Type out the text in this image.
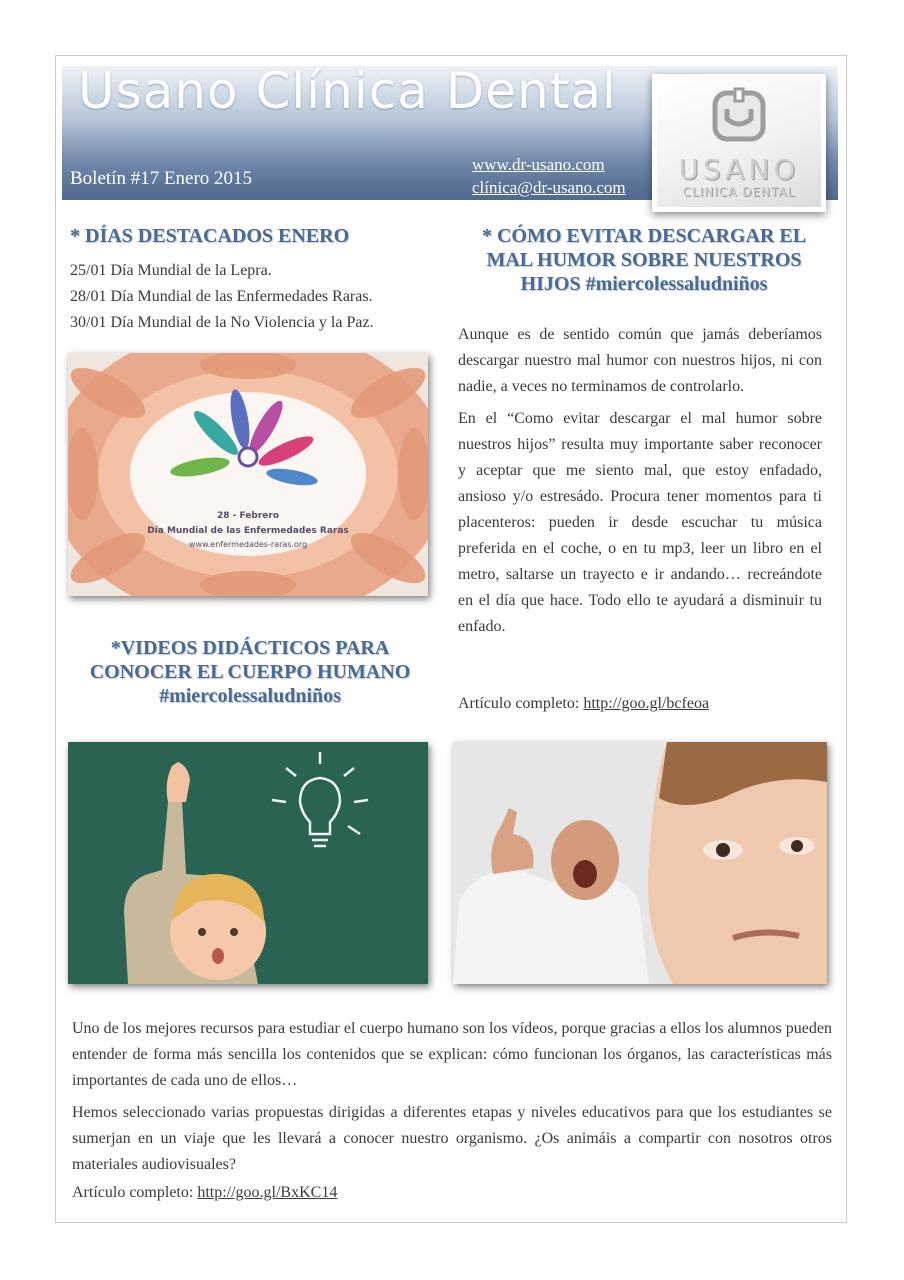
Usano Clínica Dental
Boletín #17 Enero 2015
www.dr-usano.com
clínica@dr-usano.com
USANO
CLINICA DENTAL
* DÍAS DESTACADOS ENERO
25/01 Día Mundial de la Lepra.
28/01 Día Mundial de las Enfermedades Raras.
30/01 Día Mundial de la No Violencia y la Paz.
28 - Febrero
Día Mundial de las Enfermedades Raras
www.enfermedades-raras.org
*VIDEOS DIDÁCTICOS PARA CONOCER EL CUERPO HUMANO #miercolessaludniños
* CÓMO EVITAR DESCARGAR EL MAL HUMOR SOBRE NUESTROS HIJOS #miercolessaludniños

Aunque es de sentido común que jamás deberíamos descargar nuestro mal humor con nuestros hijos, ni con nadie, a veces no terminamos de controlarlo.

En el “Como evitar descargar el mal humor sobre nuestros hijos” resulta muy importante saber reconocer y aceptar que me siento mal, que estoy enfadado, ansioso y/o estresádo. Procura tener momentos para ti placenteros: pueden ir desde escuchar tu música preferida en el coche, o en tu mp3, leer un libro en el metro, saltarse un trayecto e ir andando… recreándote en el día que hace. Todo ello te ayudará a disminuir tu enfado.

Artículo completo: http://goo.gl/bcfeoa

Uno de los mejores recursos para estudiar el cuerpo humano son los vídeos, porque gracias a ellos los alumnos pueden entender de forma más sencilla los contenidos que se explican: cómo funcionan los órganos, las características más importantes de cada uno de ellos…

Hemos seleccionado varias propuestas dirigidas a diferentes etapas y niveles educativos para que los estudiantes se sumerjan en un viaje que les llevará a conocer nuestro organismo. ¿Os animáis a compartir con nosotros otros materiales audiovisuales?

Artículo completo: http://goo.gl/BxKC14
